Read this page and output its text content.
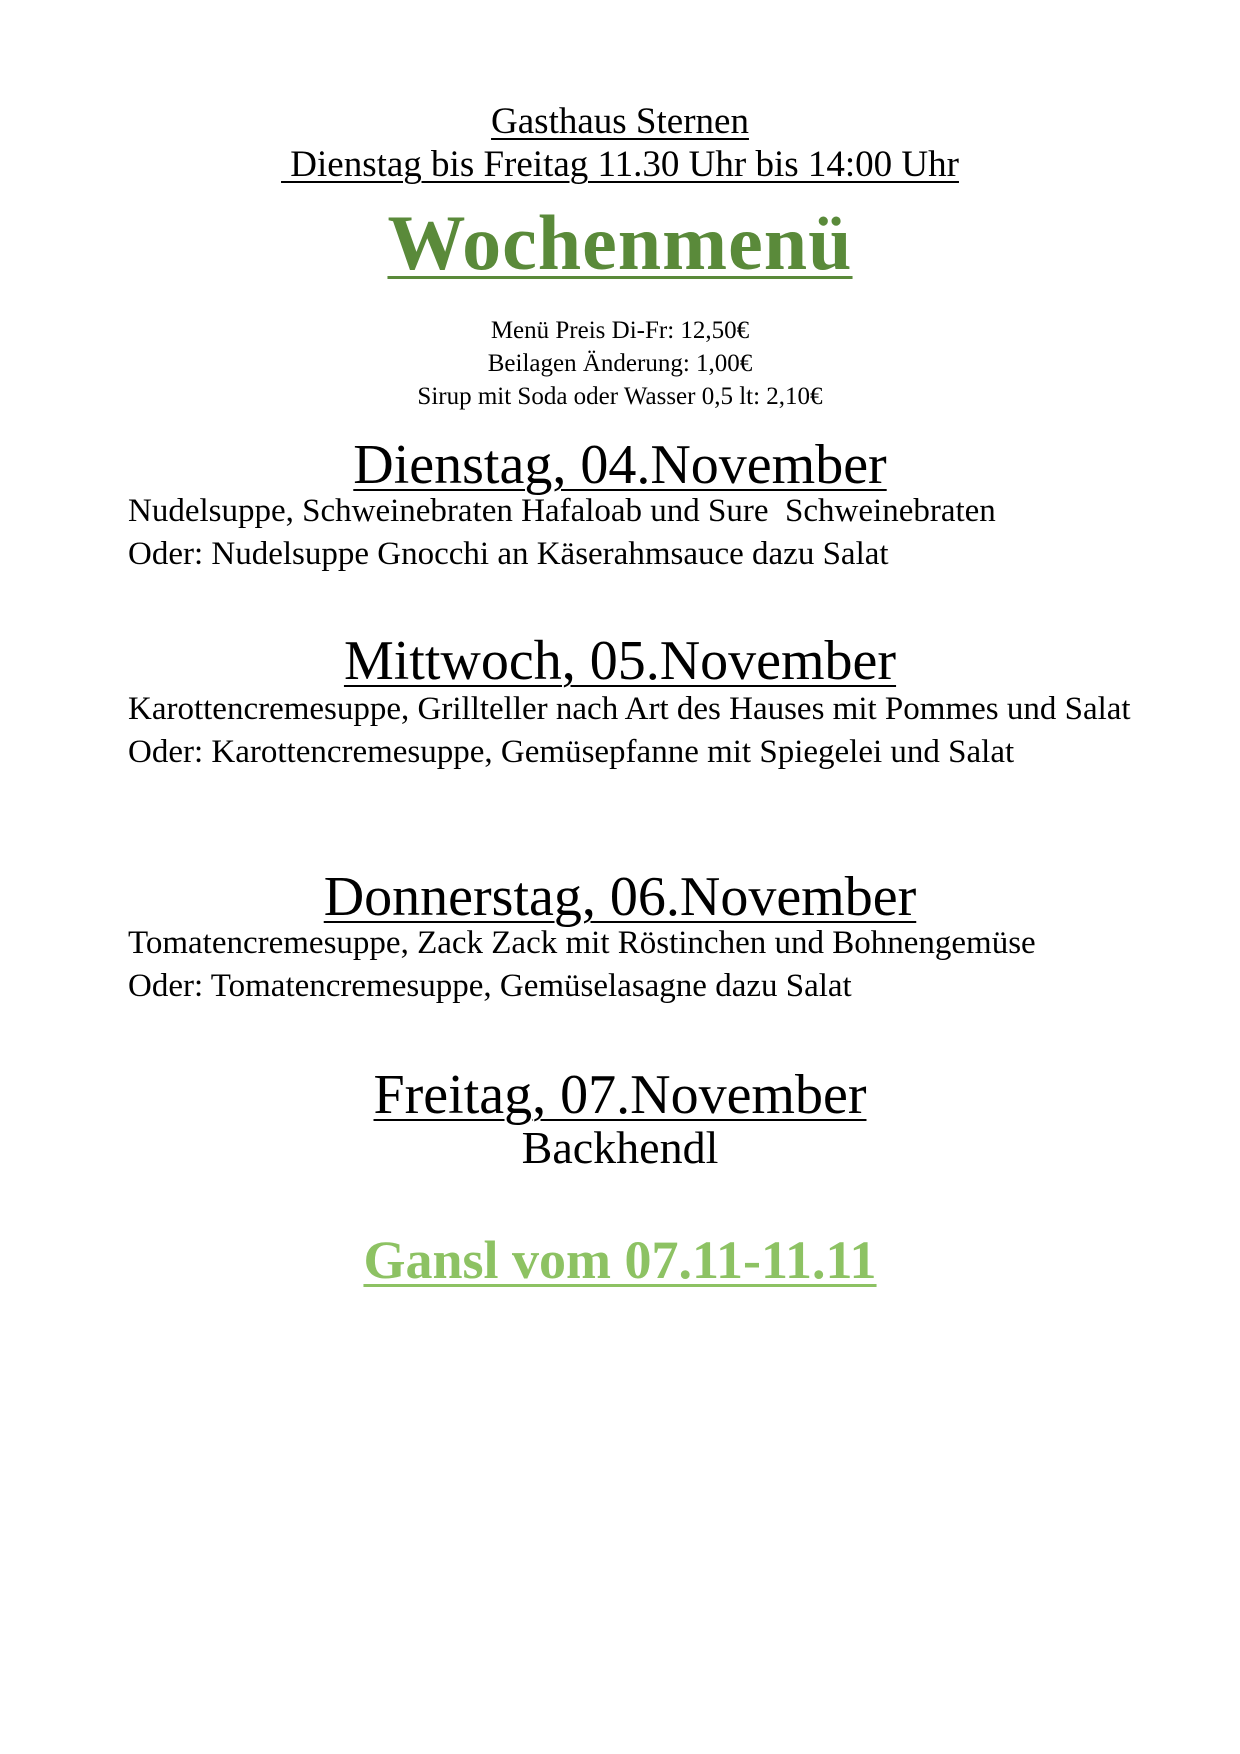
Gasthaus Sternen
Dienstag bis Freitag 11.30 Uhr bis 14:00 Uhr
Wochenmenü
Menü Preis Di-Fr: 12,50€
Beilagen Änderung: 1,00€
Sirup mit Soda oder Wasser 0,5 lt: 2,10€
Dienstag, 04.November
Nudelsuppe, Schweinebraten Hafaloab und Sure  Schweinebraten
Oder: Nudelsuppe Gnocchi an Käserahmsauce dazu Salat
Mittwoch, 05.November
Karottencremesuppe, Grillteller nach Art des Hauses mit Pommes und Salat
Oder: Karottencremesuppe, Gemüsepfanne mit Spiegelei und Salat
Donnerstag, 06.November
Tomatencremesuppe, Zack Zack mit Röstinchen und Bohnengemüse
Oder: Tomatencremesuppe, Gemüselasagne dazu Salat
Freitag, 07.November
Backhendl
Gansl vom 07.11-11.11
